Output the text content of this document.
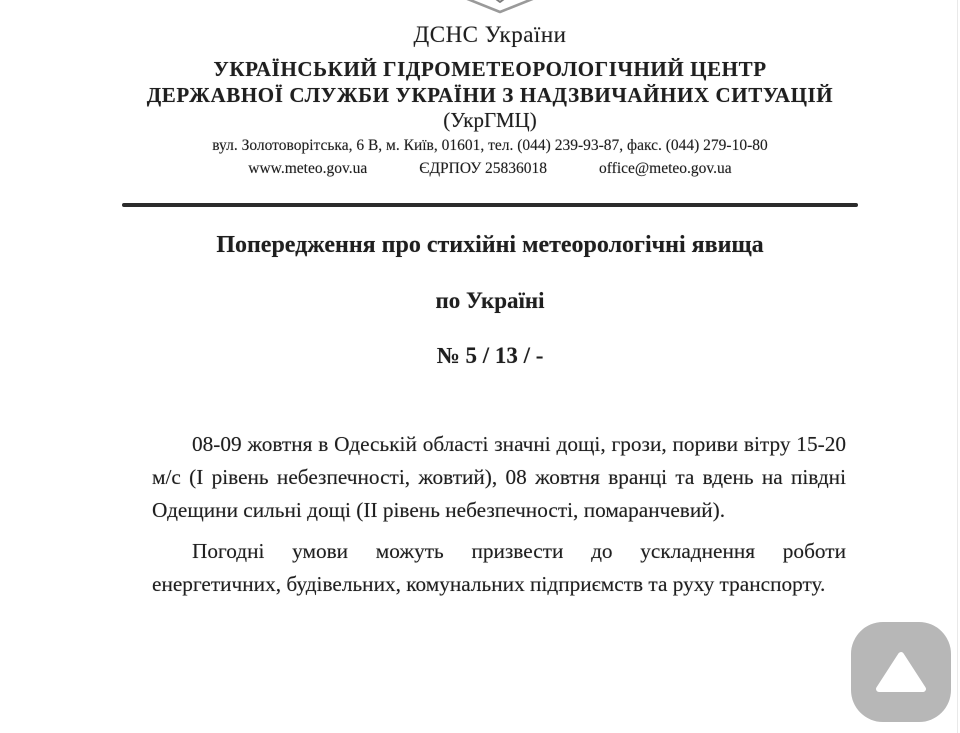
ДСНС України
УКРАЇНСЬКИЙ ГІДРОМЕТЕОРОЛОГІЧНИЙ ЦЕНТР
ДЕРЖАВНОЇ СЛУЖБИ УКРАЇНИ З НАДЗВИЧАЙНИХ СИТУАЦІЙ
(УкрГМЦ)
вул. Золотоворітська, 6 В, м. Київ, 01601, тел. (044) 239-93-87, факс. (044) 279-10-80
www.meteo.gov.ua	ЄДРПОУ 25836018	office@meteo.gov.ua
Попередження про стихійні метеорологічні явища
по Україні
№ 5 / 13 / -

08-09 жовтня в Одеській області значні дощі, грози, пориви вітру 15-20 м/с (І рівень небезпечності, жовтий), 08 жовтня вранці та вдень на півдні Одещини сильні дощі (ІІ рівень небезпечності, помаранчевий).

Погодні умови можуть призвести до ускладнення роботи енергетичних, будівельних, комунальних підприємств та руху транспорту.
